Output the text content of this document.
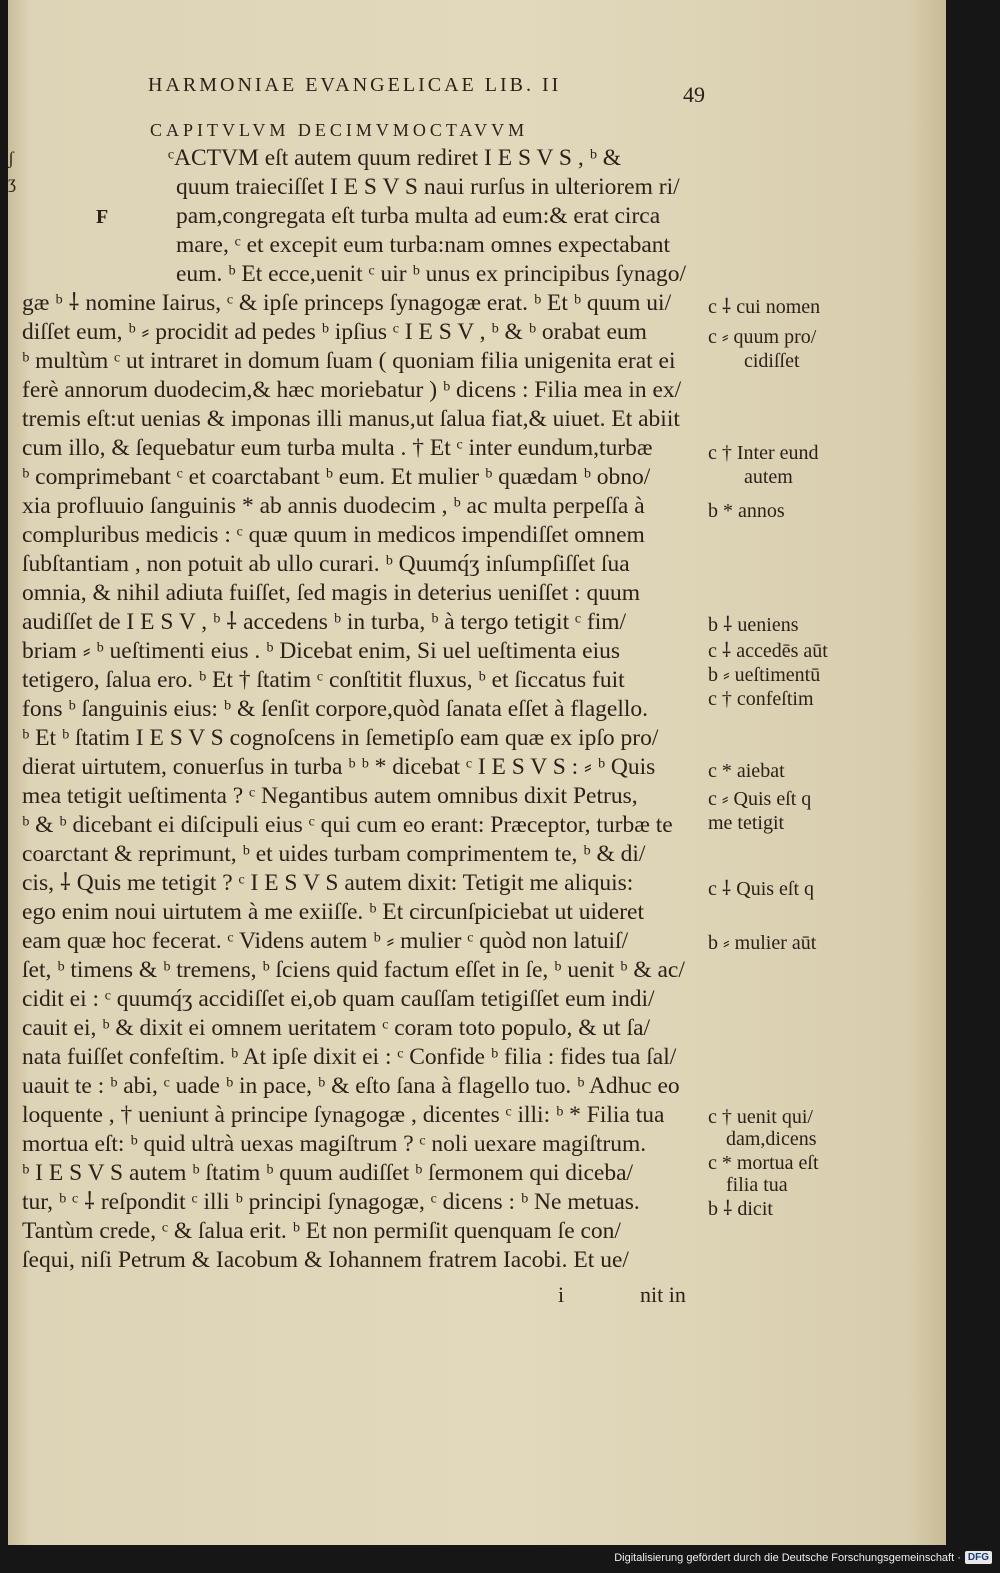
ʃ
ʒ
HARMONIAE EVANGELICAE LIB. II	49
CAPITVLVM DECIMVMOCTAVVM
F
ᶜACTVM eſt autem quum rediret I E S V S , ᵇ &
quum traieciſſet I E S V S naui rurſus in ulteriorem ri/
pam,congregata eſt turba multa ad eum:& erat circa
mare, ᶜ et excepit eum turba:nam omnes expectabant
eum. ᵇ Et ecce,uenit ᶜ uir ᵇ unus ex principibus ſynago/
gæ ᵇ ⸸ nomine Iairus, ᶜ & ipſe princeps ſynagogæ erat. ᵇ Et ᵇ quum ui/
diſſet eum, ᵇ ⸗ procidit ad pedes ᵇ ipſius ᶜ I E S V , ᵇ & ᵇ orabat eum
ᵇ multùm ᶜ ut intraret in domum ſuam ( quoniam filia unigenita erat ei
ferè annorum duodecim,& hæc moriebatur ) ᵇ dicens : Filia mea in ex/
tremis eſt:ut uenias & imponas illi manus,ut ſalua fiat,& uiuet. Et abiit
cum illo, & ſequebatur eum turba multa . † Et ᶜ inter eundum,turbæ
ᵇ comprimebant ᶜ et coarctabant ᵇ eum. Et mulier ᵇ quædam ᵇ obno/
xia profluuio ſanguinis * ab annis duodecim , ᵇ ac multa perpeſſa à
compluribus medicis : ᶜ quæ quum in medicos impendiſſet omnem
ſubſtantiam , non potuit ab ullo curari. ᵇ Quumq́ʒ inſumpſiſſet ſua
omnia, & nihil adiuta fuiſſet, ſed magis in deterius ueniſſet : quum
audiſſet de I E S V , ᵇ ⸸ accedens ᵇ in turba, ᵇ à tergo tetigit ᶜ fim/
briam ⸗ ᵇ ueſtimenti eius . ᵇ Dicebat enim, Si uel ueſtimenta eius
tetigero, ſalua ero. ᵇ Et † ſtatim ᶜ conſtitit fluxus, ᵇ et ſiccatus fuit
fons ᵇ ſanguinis eius: ᵇ & ſenſit corpore,quòd ſanata eſſet à flagello.
ᵇ Et ᵇ ſtatim I E S V S cognoſcens in ſemetipſo eam quæ ex ipſo pro/
dierat uirtutem, conuerſus in turba ᵇ ᵇ * dicebat ᶜ I E S V S : ⸗ ᵇ Quis
mea tetigit ueſtimenta ? ᶜ Negantibus autem omnibus dixit Petrus,
ᵇ & ᵇ dicebant ei diſcipuli eius ᶜ qui cum eo erant: Præceptor, turbæ te
coarctant & reprimunt, ᵇ et uides turbam comprimentem te, ᵇ & di/
cis, ⸸ Quis me tetigit ? ᶜ I E S V S autem dixit: Tetigit me aliquis:
ego enim noui uirtutem à me exiiſſe. ᵇ Et circunſpiciebat ut uideret
eam quæ hoc fecerat. ᶜ Videns autem ᵇ ⸗ mulier ᶜ quòd non latuiſ/
ſet, ᵇ timens & ᵇ tremens, ᵇ ſciens quid factum eſſet in ſe, ᵇ uenit ᵇ & ac/
cidit ei : ᶜ quumq́ʒ accidiſſet ei,ob quam cauſſam tetigiſſet eum indi/
cauit ei, ᵇ & dixit ei omnem ueritatem ᶜ coram toto populo, & ut ſa/
nata fuiſſet confeſtim. ᵇ At ipſe dixit ei : ᶜ Confide ᵇ filia : fides tua ſal/
uauit te : ᵇ abi, ᶜ uade ᵇ in pace, ᵇ & eſto ſana à flagello tuo. ᵇ Adhuc eo
loquente , † ueniunt à principe ſynagogæ , dicentes ᶜ illi: ᵇ * Filia tua
mortua eſt: ᵇ quid ultrà uexas magiſtrum ? ᶜ noli uexare magiſtrum.
ᵇ I E S V S autem ᵇ ſtatim ᵇ quum audiſſet ᵇ ſermonem qui diceba/
tur, ᵇ ᶜ ⸸ reſpondit ᶜ illi ᵇ principi ſynagogæ, ᶜ dicens : ᵇ Ne metuas.
Tantùm crede, ᶜ & ſalua erit. ᵇ Et non permiſit quenquam ſe con/
ſequi, niſi Petrum & Iacobum & Iohannem fratrem Iacobi. Et ue/
c ⸸ cui nomen
c ⸗ quum pro/
cidiſſet
c † Inter eund
autem
b * annos
b ⸸ ueniens
c ⸸ accedēs aūt
b ⸗ ueſtimentū
c † confeſtim
c * aiebat
c ⸗ Quis eſt q
me tetigit
c ⸸ Quis eſt q
b ⸗ mulier aūt
c † uenit qui/
dam,dicens
c * mortua eſt
filia tua
b ⸸ dicit
i	nit in
Digitalisierung gefördert durch die Deutsche Forschungsgemeinschaft · DFG
